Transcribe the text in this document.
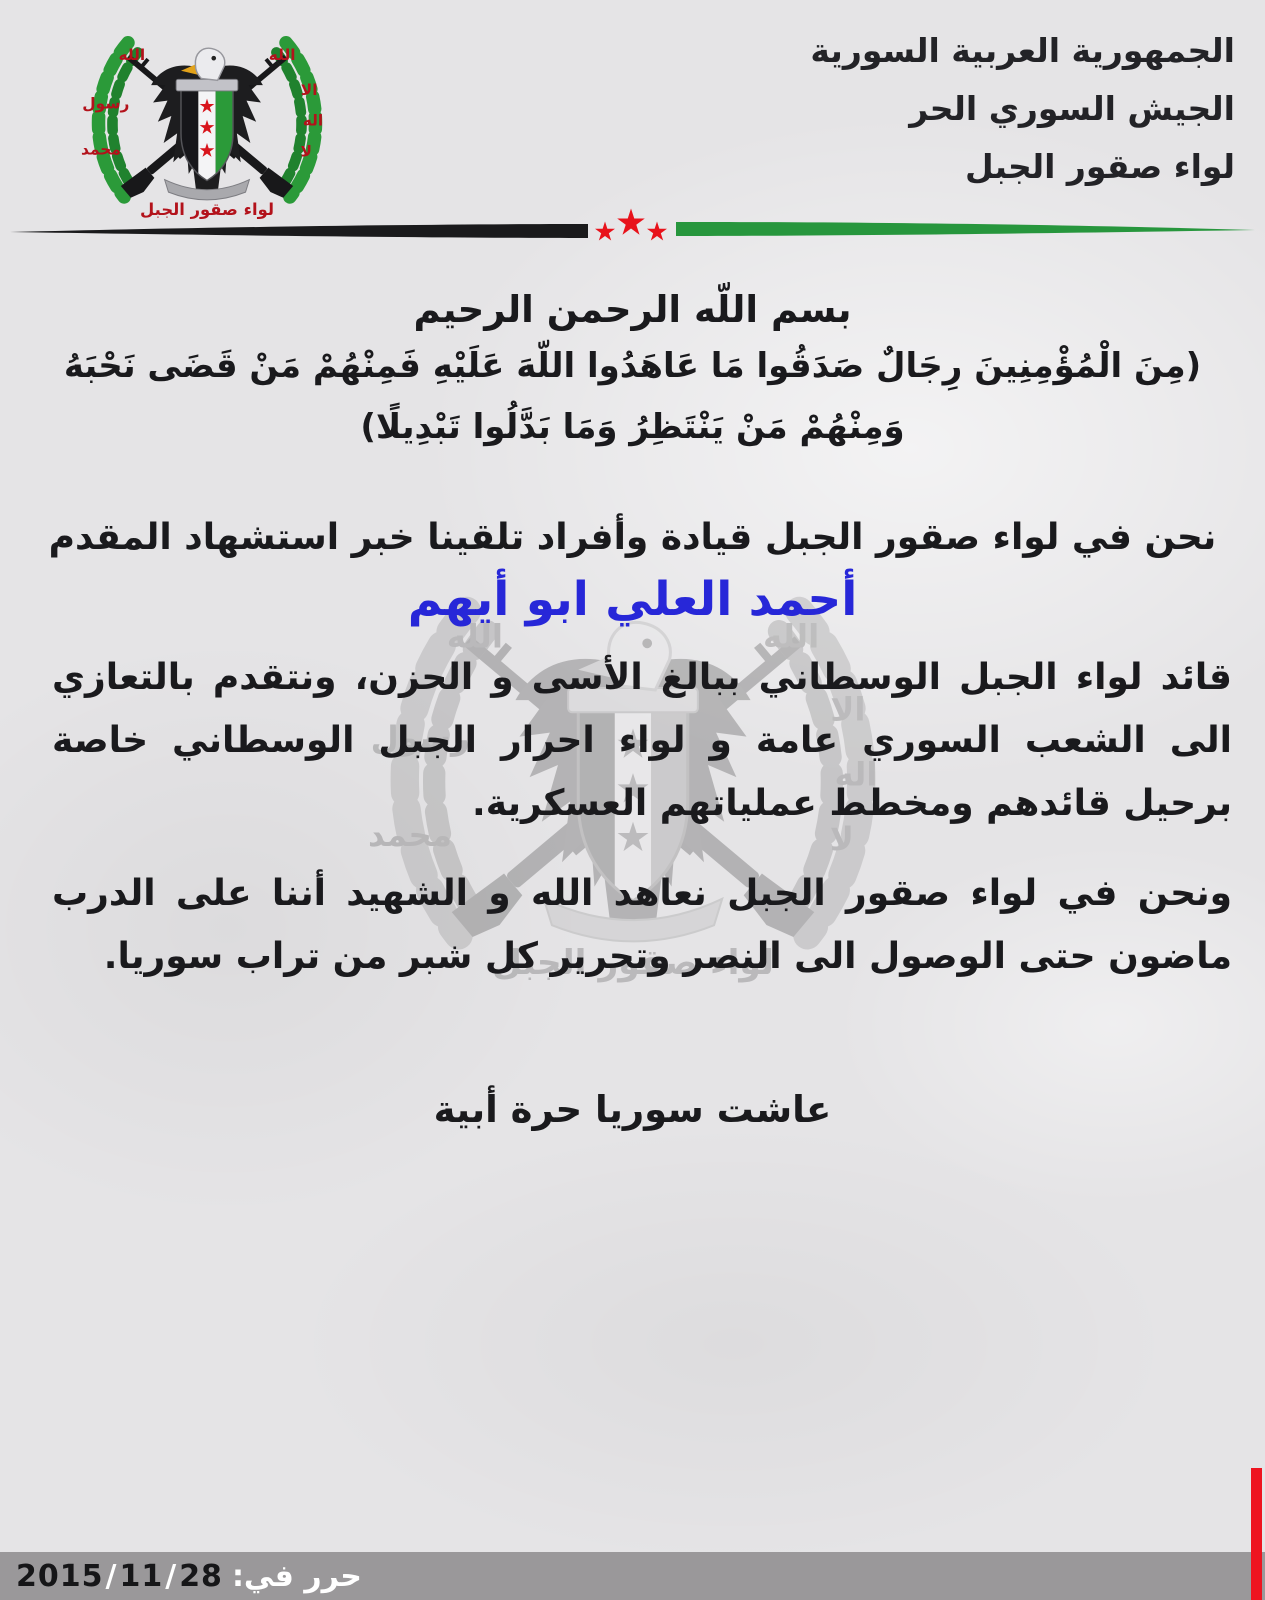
الله	الله
الا
اله
لا
رسول
محمد
لواء صقور الجبل
الجمهورية العربية السورية
الجيش السوري الحر
لواء صقور الجبل

بسم اللّه الرحمن الرحيم

(مِنَ الْمُؤْمِنِينَ رِجَالٌ صَدَقُوا مَا عَاهَدُوا اللّهَ عَلَيْهِ فَمِنْهُمْ مَنْ قَضَى نَحْبَهُ وَمِنْهُمْ مَنْ يَنْتَظِرُ وَمَا بَدَّلُوا تَبْدِيلًا)

نحن في لواء صقور الجبل قيادة وأفراد تلقينا خبر استشهاد المقدم

أحمد العلي ابو أيهم

قائد لواء الجبل الوسطاني ببالغ الأسى و الحزن، ونتقدم بالتعازي الى الشعب السوري عامة و لواء احرار الجبل الوسطاني خاصة برحيل قائدهم ومخطط عملياتهم العسكرية.

ونحن في لواء صقور الجبل نعاهد الله و الشهيد أننا على الدرب ماضون حتى الوصول الى النصر وتحرير كل شبر من تراب سوريا.

عاشت سوريا حرة أبية

2015/11/28 حرر في:
